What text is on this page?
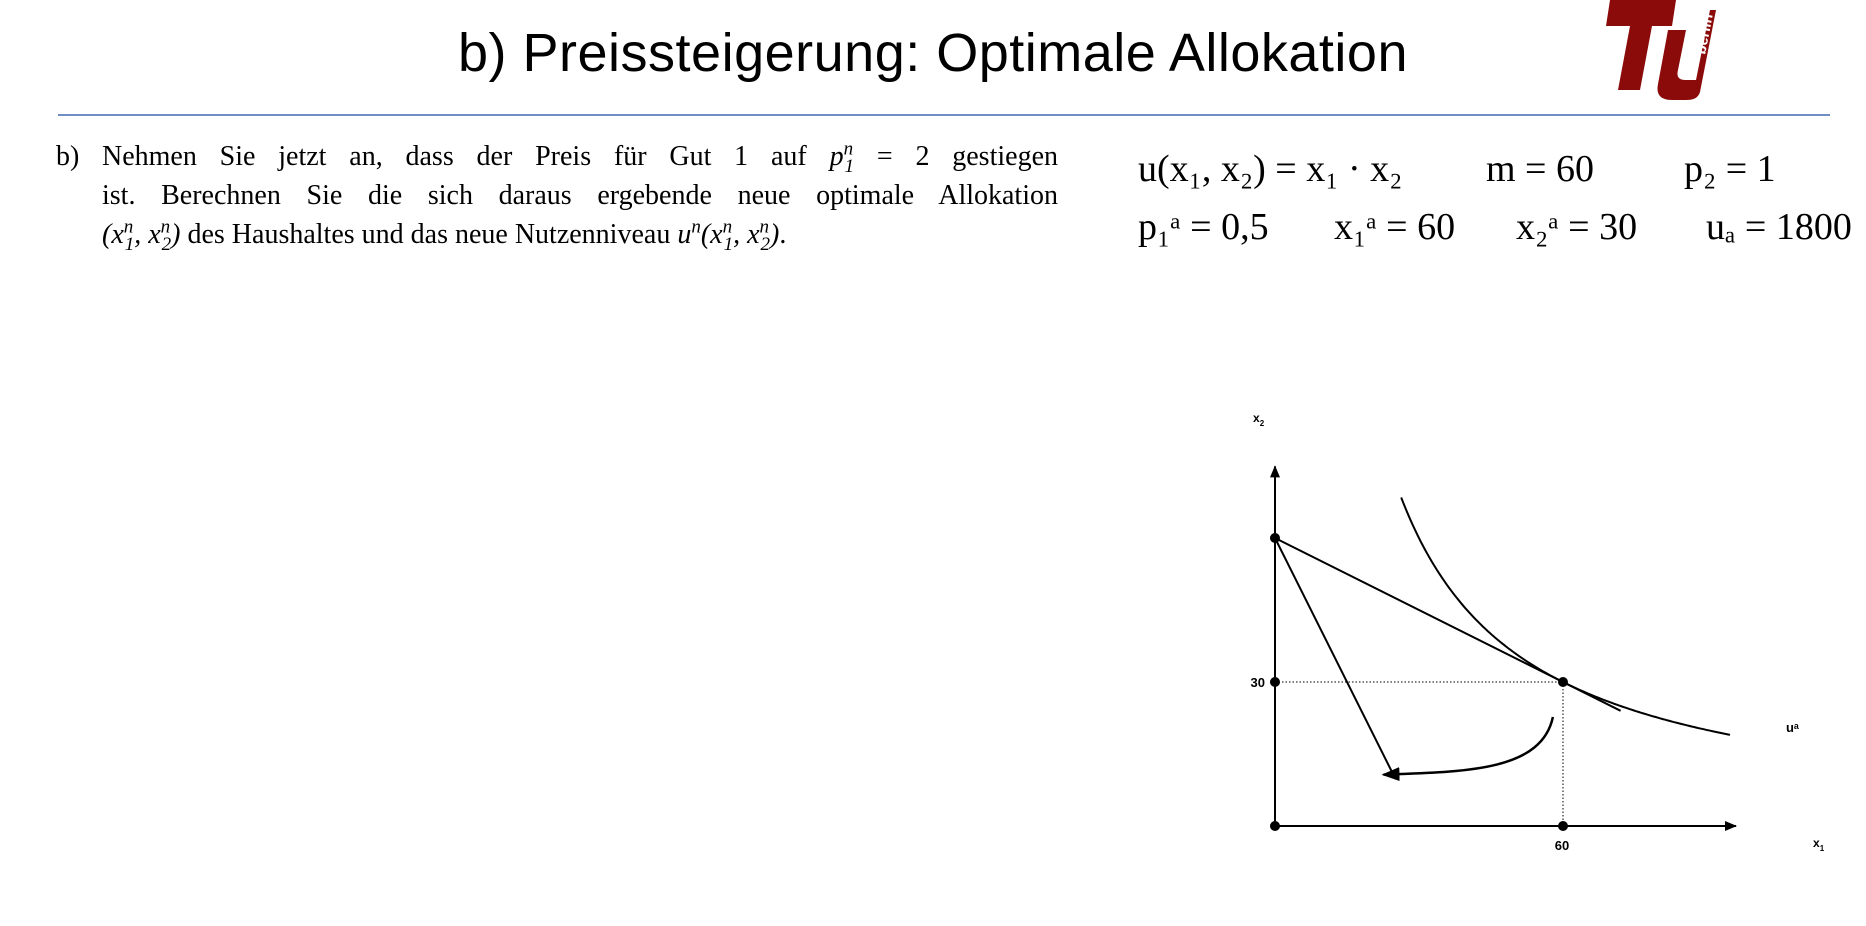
b) Preissteigerung: Optimale Allokation	berlin
b) Nehmen Sie jetzt an, dass der Preis für Gut 1 auf $p^n_1 = 2$ gestiegen
ist. Berechnen Sie die sich daraus ergebende neue optimale Allokation
($x^n_1$, $x^n_2$) des Haushaltes und das neue Nutzenniveau $u^n(x^n_1$, $x^n_2$).
u(x₁, x₂) = x₁ · x₂ m = 60 p₂ = 1
p₁ᵃ = 0,5 x₁ᵃ = 60 x₂ᵃ = 30 uₐ = 1800
60
30
$x_1$
$x_2$
uᵃ
